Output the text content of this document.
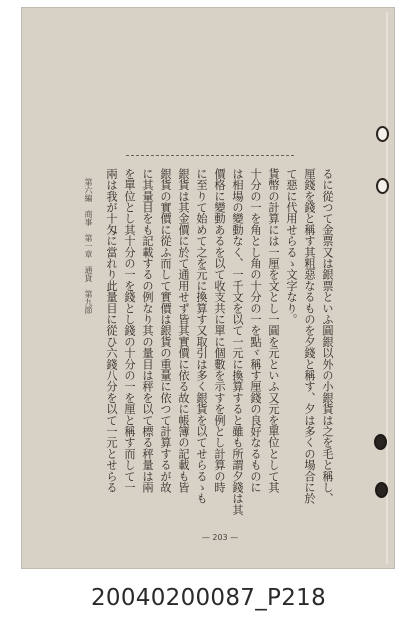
るに從つて金票又は銀票といふ圓銀以外の小銀貨は之を毛と稱し、
厘錢を錢と稱す其粗惡なるものを夕錢と稱す、夕は多くの場合に於
て惡に代用せらるゝ文字なり。
貨幣の計算には一厘を文とし一圓を元といふ又元を單位として其
十分の一を角とし角の十分の一を點ヾ稱す厘錢の良好なるものに
は相場の變動なく、一千文を以て一元に換算すると雖も所謂夕錢は其
價格に變動あるを以て收支共に單に個數を示すを例とし計算の時
に至りて始めて之を元に換算す又取引は多く銀貨を以てせらるゝも
銀貨は其金價に於て通用せず皆其實價に依る故に帳簿の記載も皆
銀貨の實價に從ふ而して實價は銀貨の重量に依つて計算するが故
に其量目をも記載するの例なり其の量目は秤を以て標る秤量は兩
を單位とし其十分の一を錢とし錢の十分の一を厘と稱す而して一
兩は我が十匁に當れり此量目に從ひ六錢八分を以て一元とせらる
第六編　商事　第一章　通貨　第九節
— 203 —
20040200087_P218
